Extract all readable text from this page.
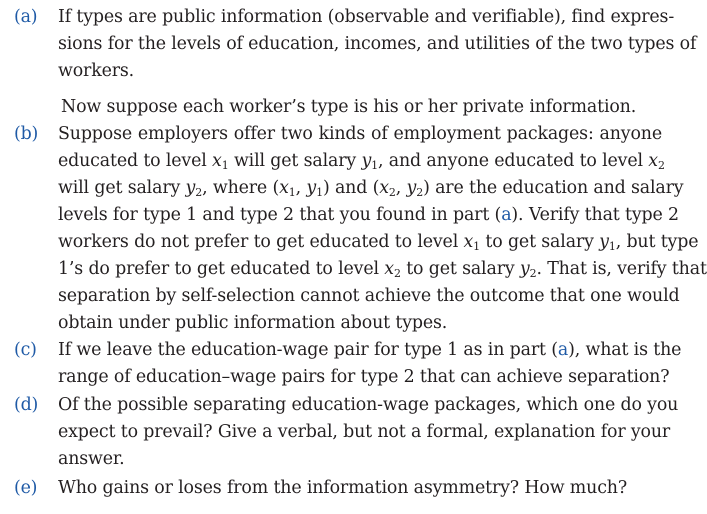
(a) If types are public information (observable and verifiable), find expres-
sions for the levels of education, incomes, and utilities of the two types of
workers.
Now suppose each worker’s type is his or her private information.
(b) Suppose employers offer two kinds of employment packages: anyone
educated to level $x_1$ will get salary $y_1$, and anyone educated to level $x_2$
will get salary $y_2$, where ($x_1$, $y_1$) and ($x_2$, $y_2$) are the education and salary
levels for type 1 and type 2 that you found in part (a). Verify that type 2
workers do not prefer to get educated to level $x_1$ to get salary $y_1$, but type
1’s do prefer to get educated to level $x_2$ to get salary $y_2$. That is, verify that
separation by self-selection cannot achieve the outcome that one would
obtain under public information about types.
(c) If we leave the education-wage pair for type 1 as in part (a), what is the
range of education–wage pairs for type 2 that can achieve separation?
(d) Of the possible separating education-wage packages, which one do you
expect to prevail? Give a verbal, but not a formal, explanation for your
answer.
(e) Who gains or loses from the information asymmetry? How much?
